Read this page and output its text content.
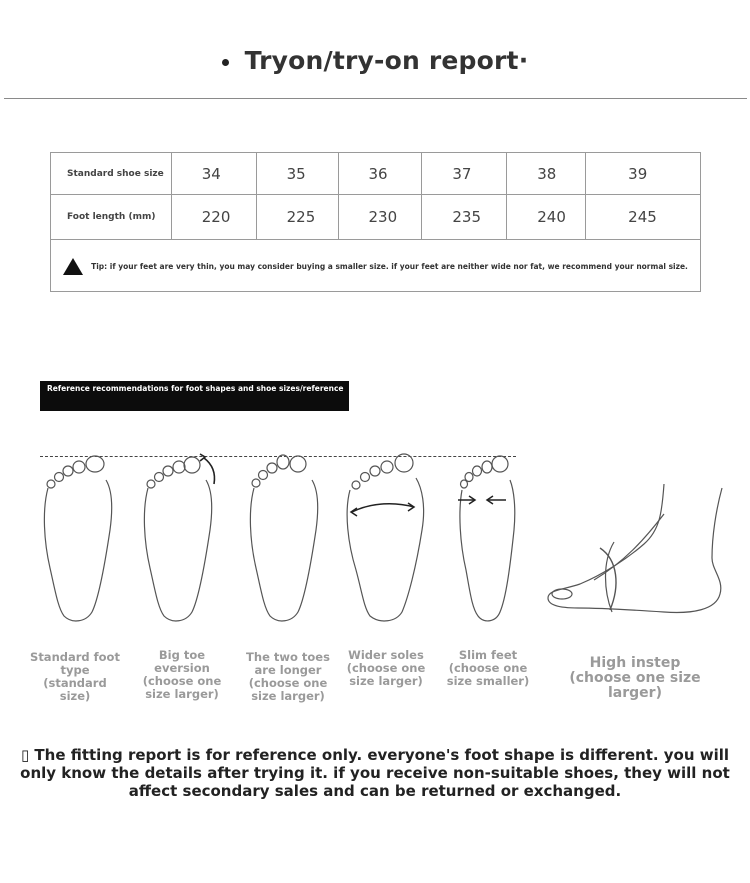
Tryon/try-on report·
Standard shoe size	34	35	36	37	38	39
Foot length (mm)	220	225	230	235	240	245
Tip: if your feet are very thin, you may consider buying a smaller size. if your feet are neither wide nor fat, we recommend your normal size.						
Reference recommendations for foot shapes and shoe sizes/reference
Standard foot type (standard size)
Big toe eversion (choose one size larger)
The two toes are longer (choose one size larger)
Wider soles (choose one size larger)
Slim feet (choose one size smaller)
High instep (choose one size larger)
▯ The fitting report is for reference only. everyone's foot shape is different. you will only know the details after trying it. if you receive non-suitable shoes, they will not affect secondary sales and can be returned or exchanged.
